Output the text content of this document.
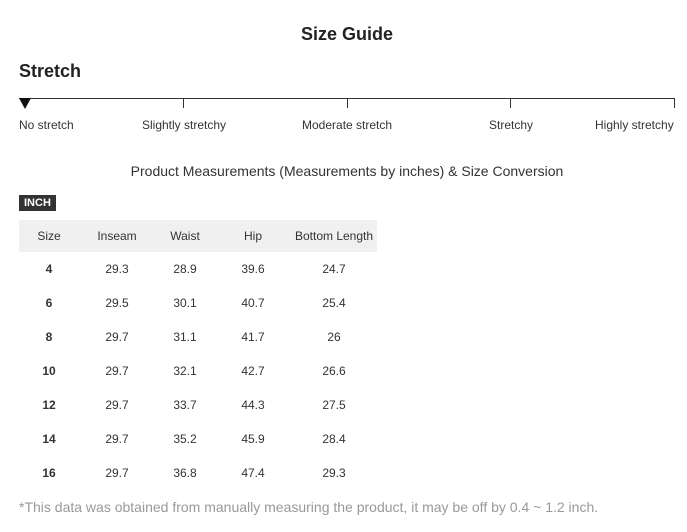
Size Guide
Stretch
No stretch	Slightly stretchy	Moderate stretch	Stretchy	Highly stretchy
Product Measurements (Measurements by inches) & Size Conversion
INCH
Size	Inseam	Waist	Hip	Bottom Length
4	29.3	28.9	39.6	24.7
6	29.5	30.1	40.7	25.4
8	29.7	31.1	41.7	26
10	29.7	32.1	42.7	26.6
12	29.7	33.7	44.3	27.5
14	29.7	35.2	45.9	28.4
16	29.7	36.8	47.4	29.3
*This data was obtained from manually measuring the product, it may be off by 0.4 ~ 1.2 inch.
